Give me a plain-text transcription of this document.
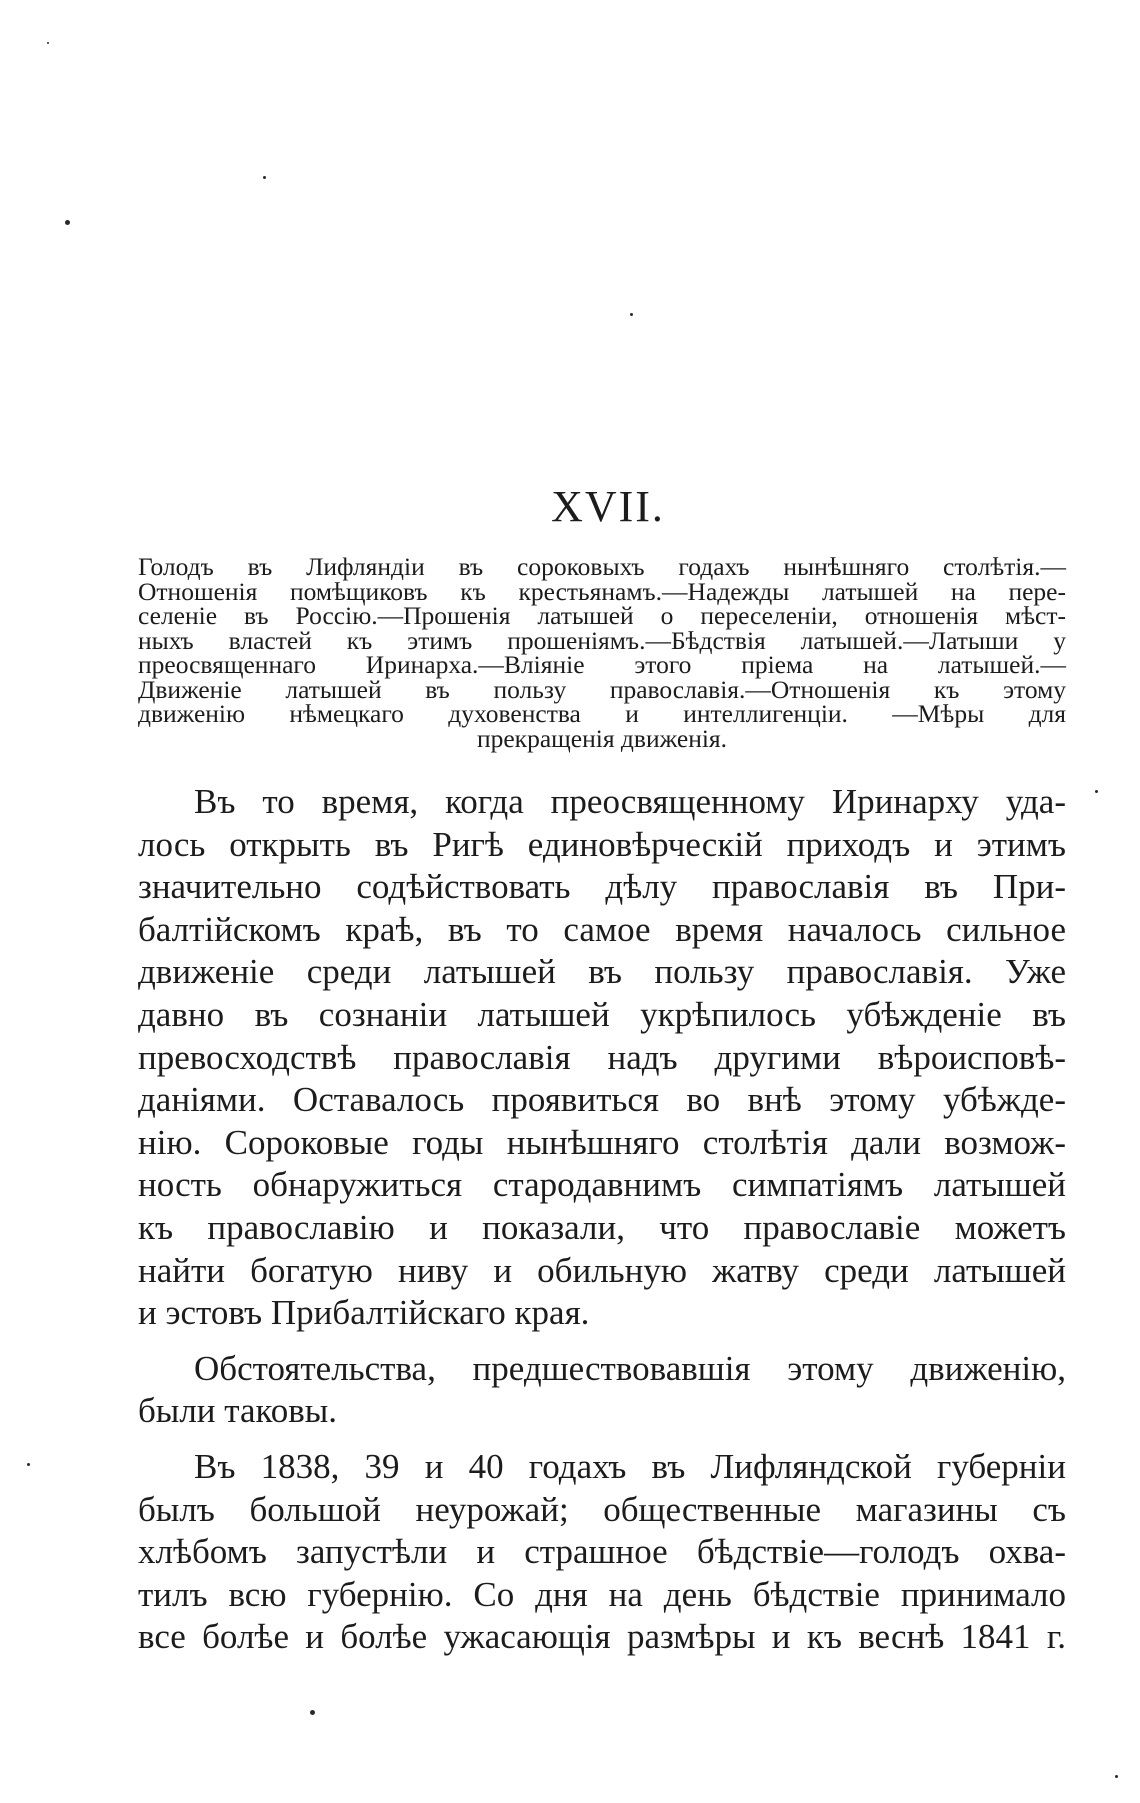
XVII.
Голодъ въ Лифляндіи въ сороковыхъ годахъ нынѣшняго столѣтія.—
Отношенія помѣщиковъ къ крестьянамъ.—Надежды латышей на пере-
селеніе въ Россію.—Прошенія латышей о переселеніи, отношенія мѣст-
ныхъ властей къ этимъ прошеніямъ.—Бѣдствія латышей.—Латыши у
преосвященнаго Иринарха.—Вліяніе этого пріема на латышей.—
Движеніе латышей въ пользу православія.—Отношенія къ этому
движенію нѣмецкаго духовенства и интеллигенціи. —Мѣры для
прекращенія движенія.
Въ то время, когда преосвященному Иринарху уда-
лось открыть въ Ригѣ единовѣрческій приходъ и этимъ
значительно содѣйствовать дѣлу православія въ При-
балтійскомъ краѣ, въ то самое время началось сильное
движеніе среди латышей въ пользу православія. Уже
давно въ сознаніи латышей укрѣпилось убѣжденіе въ
превосходствѣ православія надъ другими вѣроисповѣ-
даніями. Оставалось проявиться во внѣ этому убѣжде-
нію. Сороковые годы нынѣшняго столѣтія дали возмож-
ность обнаружиться стародавнимъ симпатіямъ латышей
къ православію и показали, что православіе можетъ
найти богатую ниву и обильную жатву среди латышей
и эстовъ Прибалтійскаго края.
Обстоятельства, предшествовавшія этому движенію,
были таковы.
Въ 1838, 39 и 40 годахъ въ Лифляндской губерніи
былъ большой неурожай; общественные магазины съ
хлѣбомъ запустѣли и страшное бѣдствіе—голодъ охва-
тилъ всю губернію. Со дня на день бѣдствіе принимало
все болѣе и болѣе ужасающія размѣры и къ веснѣ 1841 г.
